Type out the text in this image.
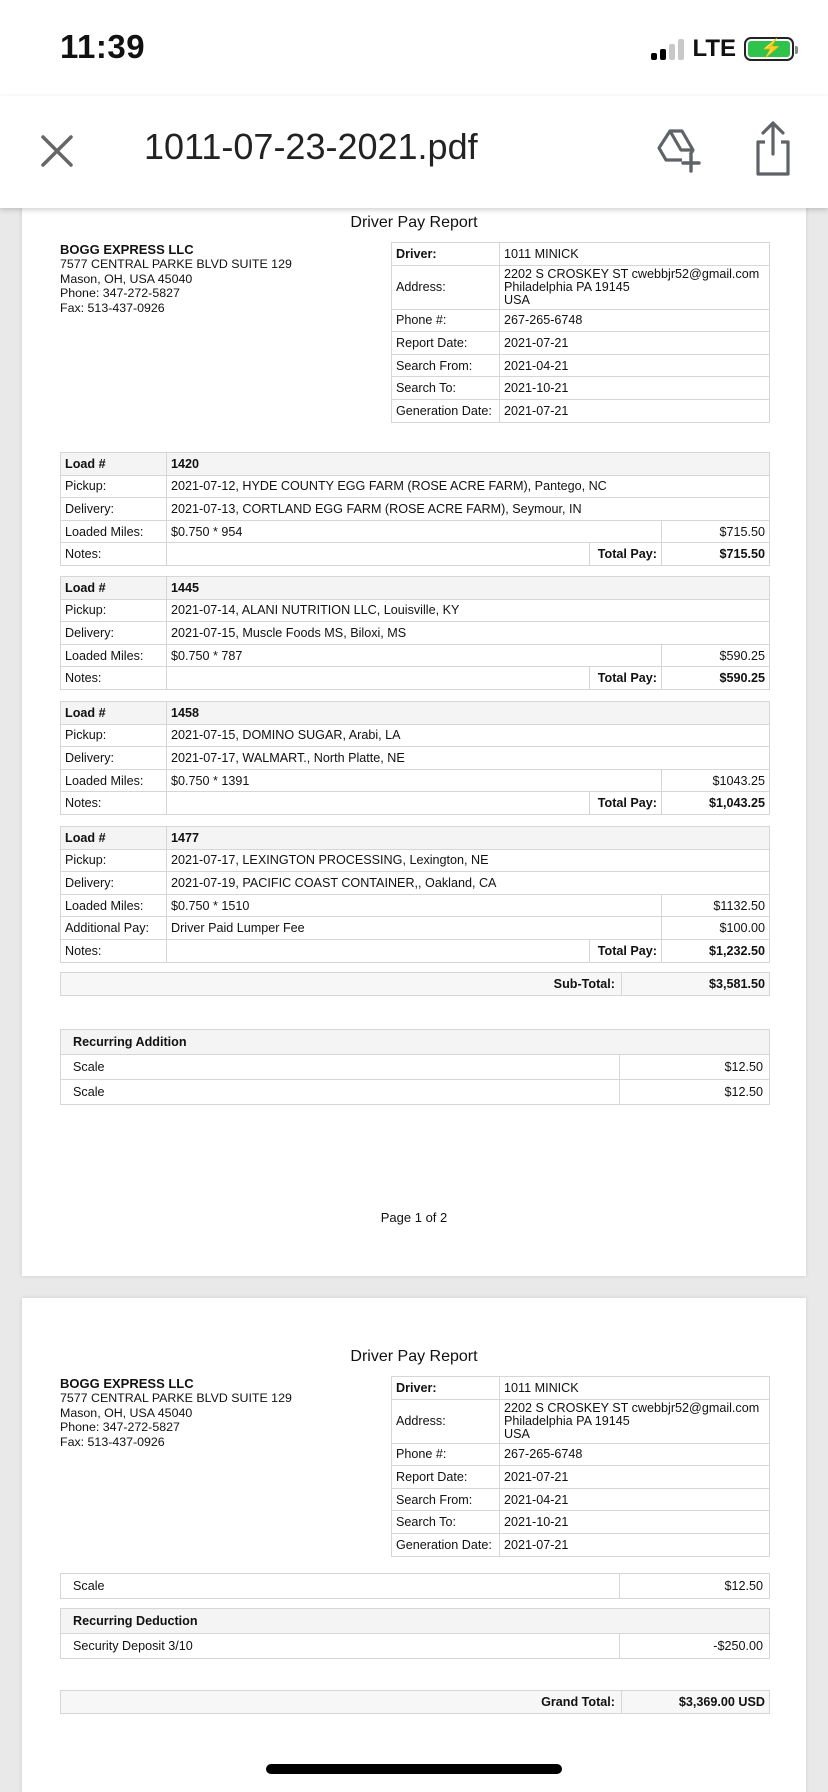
11:39	LTE ⚡
1011-07-23-2021.pdf
Driver Pay Report
BOGG EXPRESS LLC
7577 CENTRAL PARKE BLVD SUITE 129
Mason, OH, USA 45040
Phone: 347-272-5827
Fax: 513-437-0926
Driver:	1011 MINICK
Address:	2202 S CROSKEY ST cwebbjr52@gmail.com
Philadelphia PA 19145
USA

Phone #:	267-265-6748
Report Date:	2021-07-21
Search From:	2021-04-21
Search To:	2021-10-21
Generation Date:	2021-07-21
Load #	1420		
Pickup:	2021-07-12, HYDE COUNTY EGG FARM (ROSE ACRE FARM), Pantego, NC		
Delivery:	2021-07-13, CORTLAND EGG FARM (ROSE ACRE FARM), Seymour, IN		
Loaded Miles:	$0.750 * 954		$715.50
Notes:		Total Pay:	$715.50
Load #	1445		
Pickup:	2021-07-14, ALANI NUTRITION LLC, Louisville, KY		
Delivery:	2021-07-15, Muscle Foods MS, Biloxi, MS		
Loaded Miles:	$0.750 * 787		$590.25
Notes:		Total Pay:	$590.25
Load #	1458		
Pickup:	2021-07-15, DOMINO SUGAR, Arabi, LA		
Delivery:	2021-07-17, WALMART., North Platte, NE		
Loaded Miles:	$0.750 * 1391		$1043.25
Notes:		Total Pay:	$1,043.25
Load #	1477		
Pickup:	2021-07-17, LEXINGTON PROCESSING, Lexington, NE		
Delivery:	2021-07-19, PACIFIC COAST CONTAINER,, Oakland, CA		
Loaded Miles:	$0.750 * 1510		$1132.50
Additional Pay:	Driver Paid Lumper Fee		$100.00
Notes:		Total Pay:	$1,232.50
Sub-Total:	$3,581.50
Recurring Addition	
Scale	$12.50
Scale	$12.50
Page 1 of 2
Driver Pay Report
BOGG EXPRESS LLC
7577 CENTRAL PARKE BLVD SUITE 129
Mason, OH, USA 45040
Phone: 347-272-5827
Fax: 513-437-0926
Driver:	1011 MINICK
Address:	2202 S CROSKEY ST cwebbjr52@gmail.com
Philadelphia PA 19145
USA

Phone #:	267-265-6748
Report Date:	2021-07-21
Search From:	2021-04-21
Search To:	2021-10-21
Generation Date:	2021-07-21
Scale	$12.50
Recurring Deduction
Security Deposit 3/10	-$250.00
Grand Total:	$3,369.00 USD
